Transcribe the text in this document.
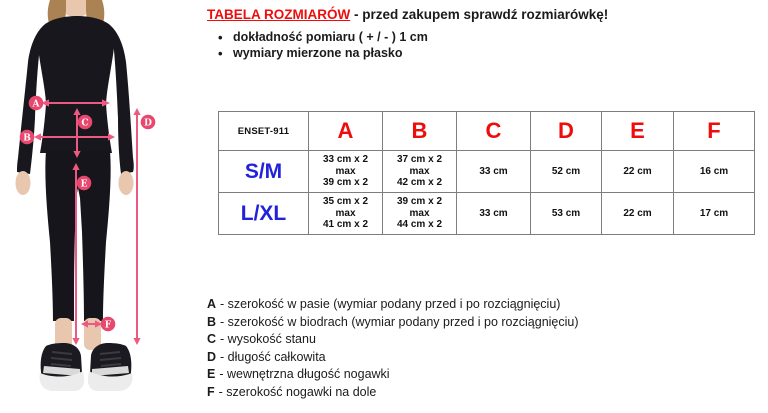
A
B
C	D
E
F
TABELA ROZMIARÓW - przed zakupem sprawdź rozmiarówkę!
• dokładność pomiaru ( + / - ) 1 cm
• wymiary mierzone na płasko
ENSET-911	A	B	C	D	E	F
S/M	33 cm x 2
max
39 cm x 2	37 cm x 2
max
42 cm x 2	33 cm	52 cm	22 cm	16 cm
L/XL	35 cm x 2
max
41 cm x 2	39 cm x 2
max
44 cm x 2	33 cm	53 cm	22 cm	17 cm
A - szerokość w pasie (wymiar podany przed i po rozciągnięciu)
B - szerokość w biodrach (wymiar podany przed i po rozciągnięciu)
C - wysokość stanu
D - długość całkowita
E - wewnętrzna długość nogawki
F - szerokość nogawki na dole
